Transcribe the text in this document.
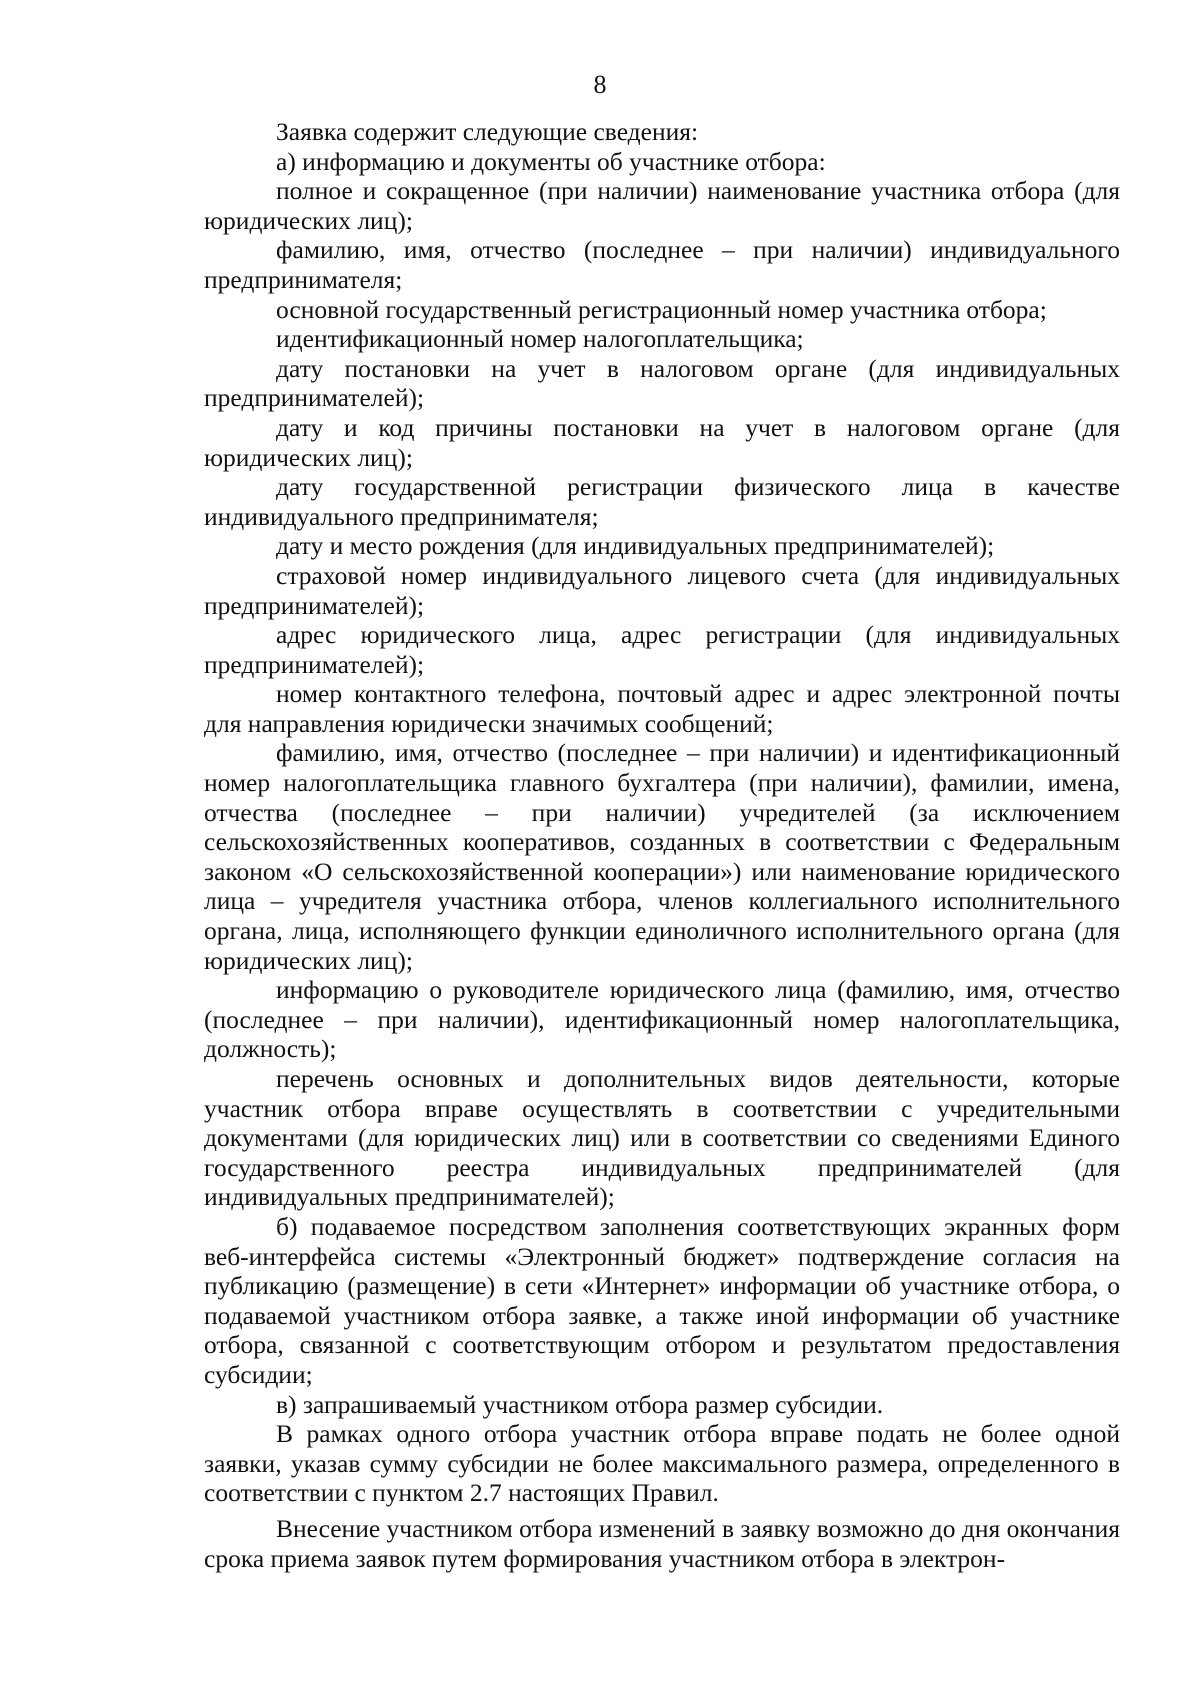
8

Заявка содержит следующие сведения:

а) информацию и документы об участнике отбора:

полное и сокращенное (при наличии) наименование участника отбора (для юридических лиц);

фамилию, имя, отчество (последнее – при наличии) индивидуального предпринимателя;

основной государственный регистрационный номер участника отбора;

идентификационный номер налогоплательщика;

дату постановки на учет в налоговом органе (для индивидуальных предпринимателей);

дату и код причины постановки на учет в налоговом органе (для юридических лиц);

дату государственной регистрации физического лица в качестве индивидуального предпринимателя;

дату и место рождения (для индивидуальных предпринимателей);

страховой номер индивидуального лицевого счета (для индивидуальных предпринимателей);

адрес юридического лица, адрес регистрации (для индивидуальных предпринимателей);

номер контактного телефона, почтовый адрес и адрес электронной почты для направления юридически значимых сообщений;

фамилию, имя, отчество (последнее – при наличии) и идентификационный номер налогоплательщика главного бухгалтера (при наличии), фамилии, имена, отчества (последнее – при наличии) учредителей (за исключением сельскохозяйственных кооперативов, созданных в соответствии с Федеральным законом «О сельскохозяйственной кооперации») или наименование юридического лица – учредителя участника отбора, членов коллегиального исполнительного органа, лица, исполняющего функции единоличного исполнительного органа (для юридических лиц);

информацию о руководителе юридического лица (фамилию, имя, отчество (последнее – при наличии), идентификационный номер налогоплательщика, должность);

перечень основных и дополнительных видов деятельности, которые участник отбора вправе осуществлять в соответствии с учредительными документами (для юридических лиц) или в соответствии со сведениями Единого государственного реестра индивидуальных предпринимателей (для индивидуальных предпринимателей);

б) подаваемое посредством заполнения соответствующих экранных форм веб-интерфейса системы «Электронный бюджет» подтверждение согласия на публикацию (размещение) в сети «Интернет» информации об участнике отбора, о подаваемой участником отбора заявке, а также иной информации об участнике отбора, связанной с соответствующим отбором и результатом предоставления субсидии;

в) запрашиваемый участником отбора размер субсидии.

В рамках одного отбора участник отбора вправе подать не более одной заявки, указав сумму субсидии не более максимального размера, определенного в соответствии с пунктом 2.7 настоящих Правил.

Внесение участником отбора изменений в заявку возможно до дня окончания срока приема заявок путем формирования участником отбора в электрон-
